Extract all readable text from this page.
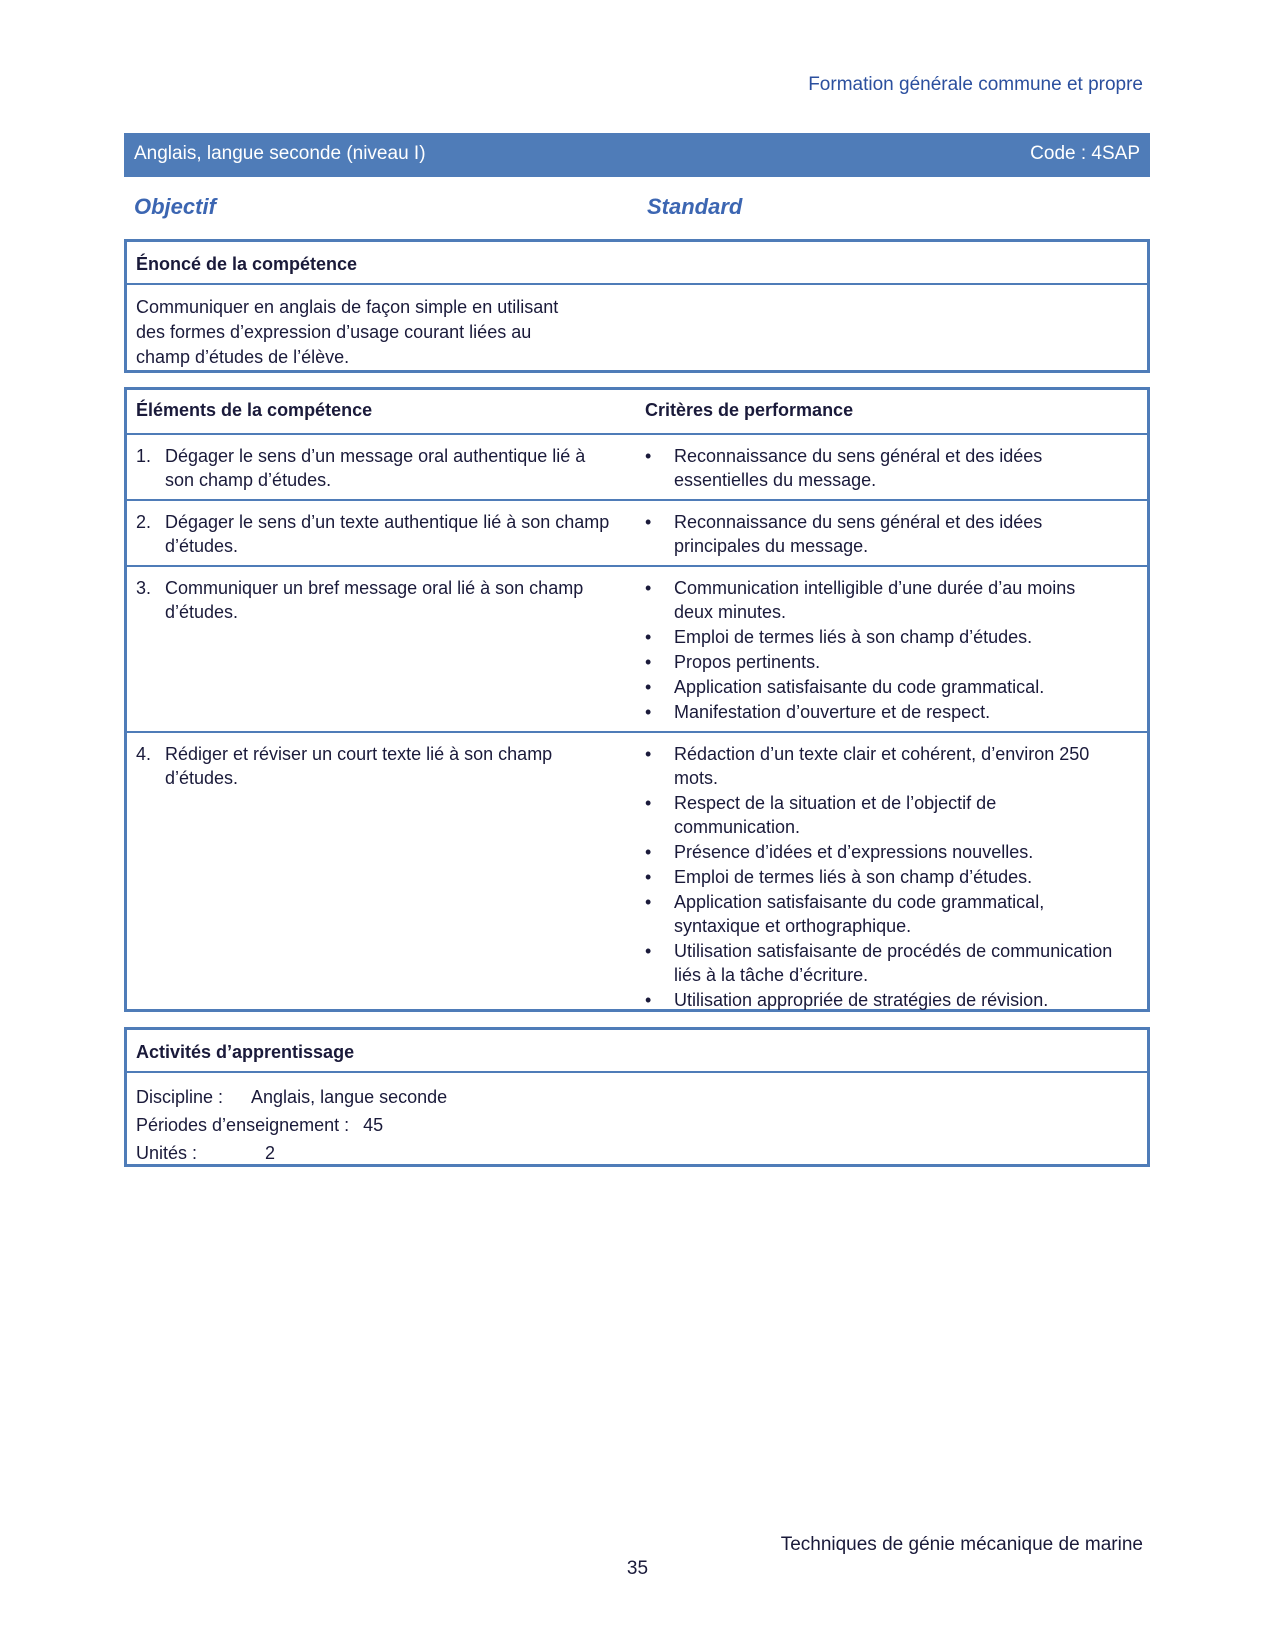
Formation générale commune et propre
Anglais, langue seconde (niveau I)	Code : 4SAP
Objectif	Standard
Énoncé de la compétence
Communiquer en anglais de façon simple en utilisant
des formes d’expression d’usage courant liées au
champ d’études de l’élève.
Éléments de la compétence	Critères de performance
1. Dégager le sens d’un message oral authentique lié à son champ d’études.
•	Reconnaissance du sens général et des idées essentielles du message.
2. Dégager le sens d’un texte authentique lié à son champ d’études.
•	Reconnaissance du sens général et des idées principales du message.
3. Communiquer un bref message oral lié à son champ d’études.
•	Communication intelligible d’une durée d’au moins deux minutes.
•	Emploi de termes liés à son champ d’études.
•	Propos pertinents.
•	Application satisfaisante du code grammatical.
•	Manifestation d’ouverture et de respect.
4. Rédiger et réviser un court texte lié à son champ d’études.
•	Rédaction d’un texte clair et cohérent, d’environ 250 mots.
•	Respect de la situation et de l’objectif de communication.
•	Présence d’idées et d’expressions nouvelles.
•	Emploi de termes liés à son champ d’études.
•	Application satisfaisante du code grammatical, syntaxique et orthographique.
•	Utilisation satisfaisante de procédés de communication liés à la tâche d’écriture.
•	Utilisation appropriée de stratégies de révision.
Activités d’apprentissage
Discipline : Anglais, langue seconde
Périodes d’enseignement : 45
Unités :	2
Techniques de génie mécanique de marine
35
